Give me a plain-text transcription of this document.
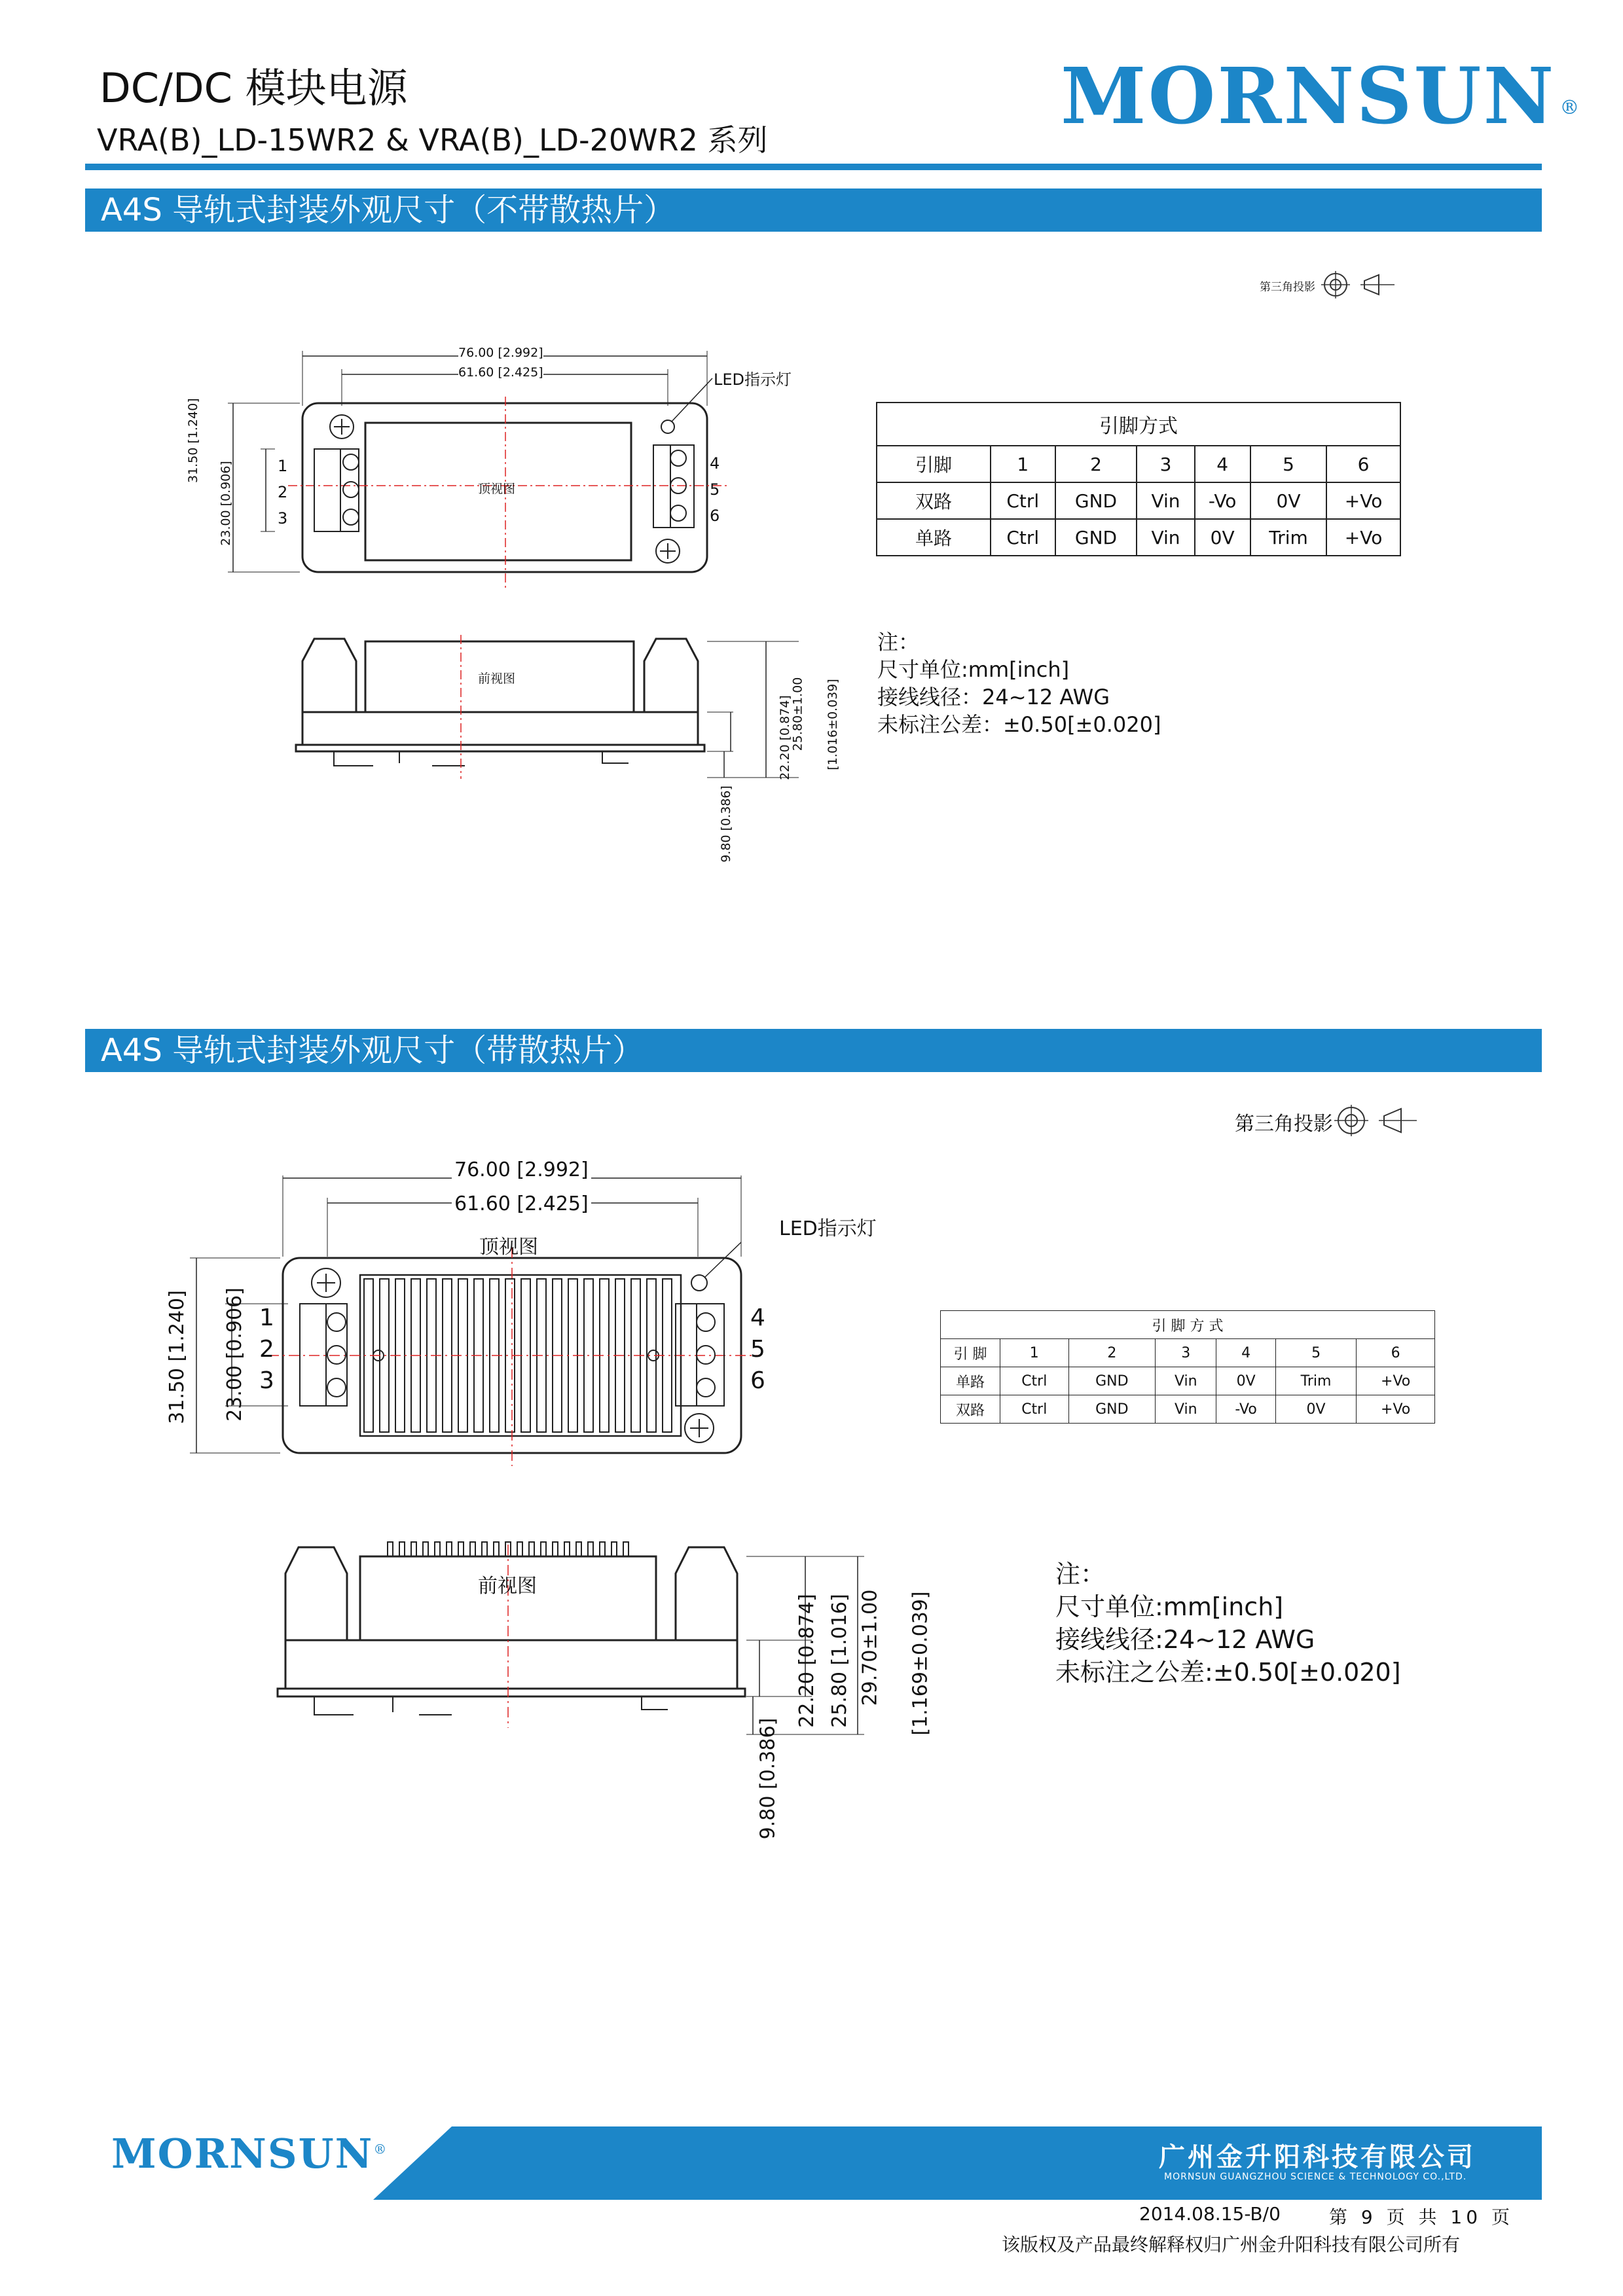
DC/DC 模块电源
VRA(B)_LD-15WR2 & VRA(B)_LD-20WR2 系列	MORNSUN ®
A4S 导轨式封装外观尺寸（不带散热片）
第三角投影
76.00 [2.992]
61.60 [2.425]	LED指示灯
顶视图
31.50 [1.240]
23.00 [0.906]	1
2
3
4
5
6
引脚方式						
引脚	1	2	3	4	5	6
双路	Ctrl	GND	Vin	-Vo	0V	+Vo
单路	Ctrl	GND	Vin	0V	Trim	+Vo
前视图
22.20 [0.874]
25.80±1.00 [1.016±0.039]
9.80 [0.386]
注：
尺寸单位:mm[inch]
接线线径：24~12 AWG
未标注公差：±0.50[±0.020]
A4S 导轨式封装外观尺寸（带散热片）
第三角投影
76.00 [2.992]
61.60 [2.425]
LED指示灯
顶视图
31.50 [1.240] 23.00 [0.906] 1
2
3
4
5
6
引 脚 方 式						
引 脚	1	2	3	4	5	6
单路	Ctrl	GND	Vin	0V	Trim	+Vo
双路	Ctrl	GND	Vin	-Vo	0V	+Vo
前视图
22.20 [0.874] 25.80 [1.016] 29.70±1.00 [1.169±0.039]
9.80 [0.386]
注：
尺寸单位:mm[inch]
接线线径:24~12 AWG
未标注之公差:±0.50[±0.020]
MORNSUN®	广州金升阳科技有限公司
MORNSUN GUANGZHOU SCIENCE & TECHNOLOGY CO.,LTD.
2014.08.15-B/0	第 9 页 共 10 页
该版权及产品最终解释权归广州金升阳科技有限公司所有
